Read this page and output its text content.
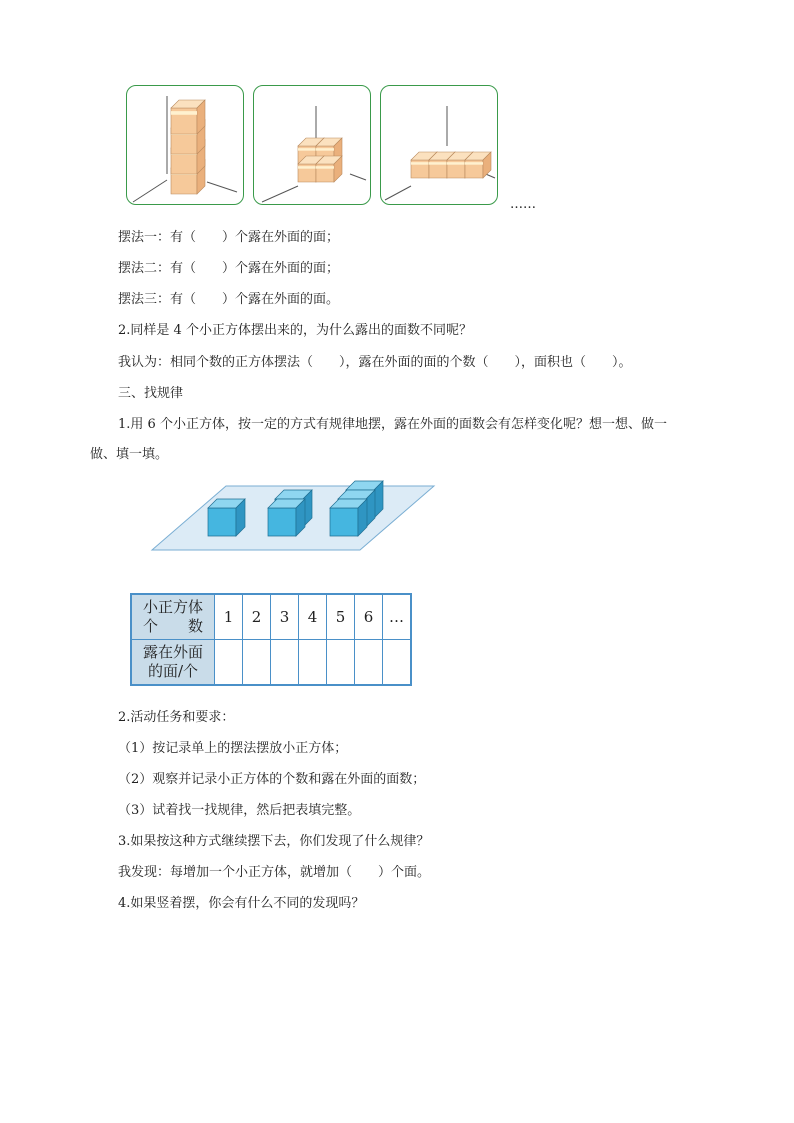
……
摆法一：有（　　）个露在外面的面；
摆法二：有（　　）个露在外面的面；
摆法三：有（　　）个露在外面的面。
2.同样是 4 个小正方体摆出来的，为什么露出的面数不同呢？
我认为：相同个数的正方体摆法（　　），露在外面的面的个数（　　），面积也（　　）。
三、找规律
1.用 6 个小正方体，按一定的方式有规律地摆，露在外面的面数会有怎样变化呢？想一想、做一
做、填一填。
小正方体
个　　数	1	2	3	4	5	6	…

露在外面
的面/个							

2.活动任务和要求：
（1）按记录单上的摆法摆放小正方体；
（2）观察并记录小正方体的个数和露在外面的面数；
（3）试着找一找规律，然后把表填完整。
3.如果按这种方式继续摆下去，你们发现了什么规律？
我发现：每增加一个小正方体，就增加（　　）个面。
4.如果竖着摆，你会有什么不同的发现吗？
